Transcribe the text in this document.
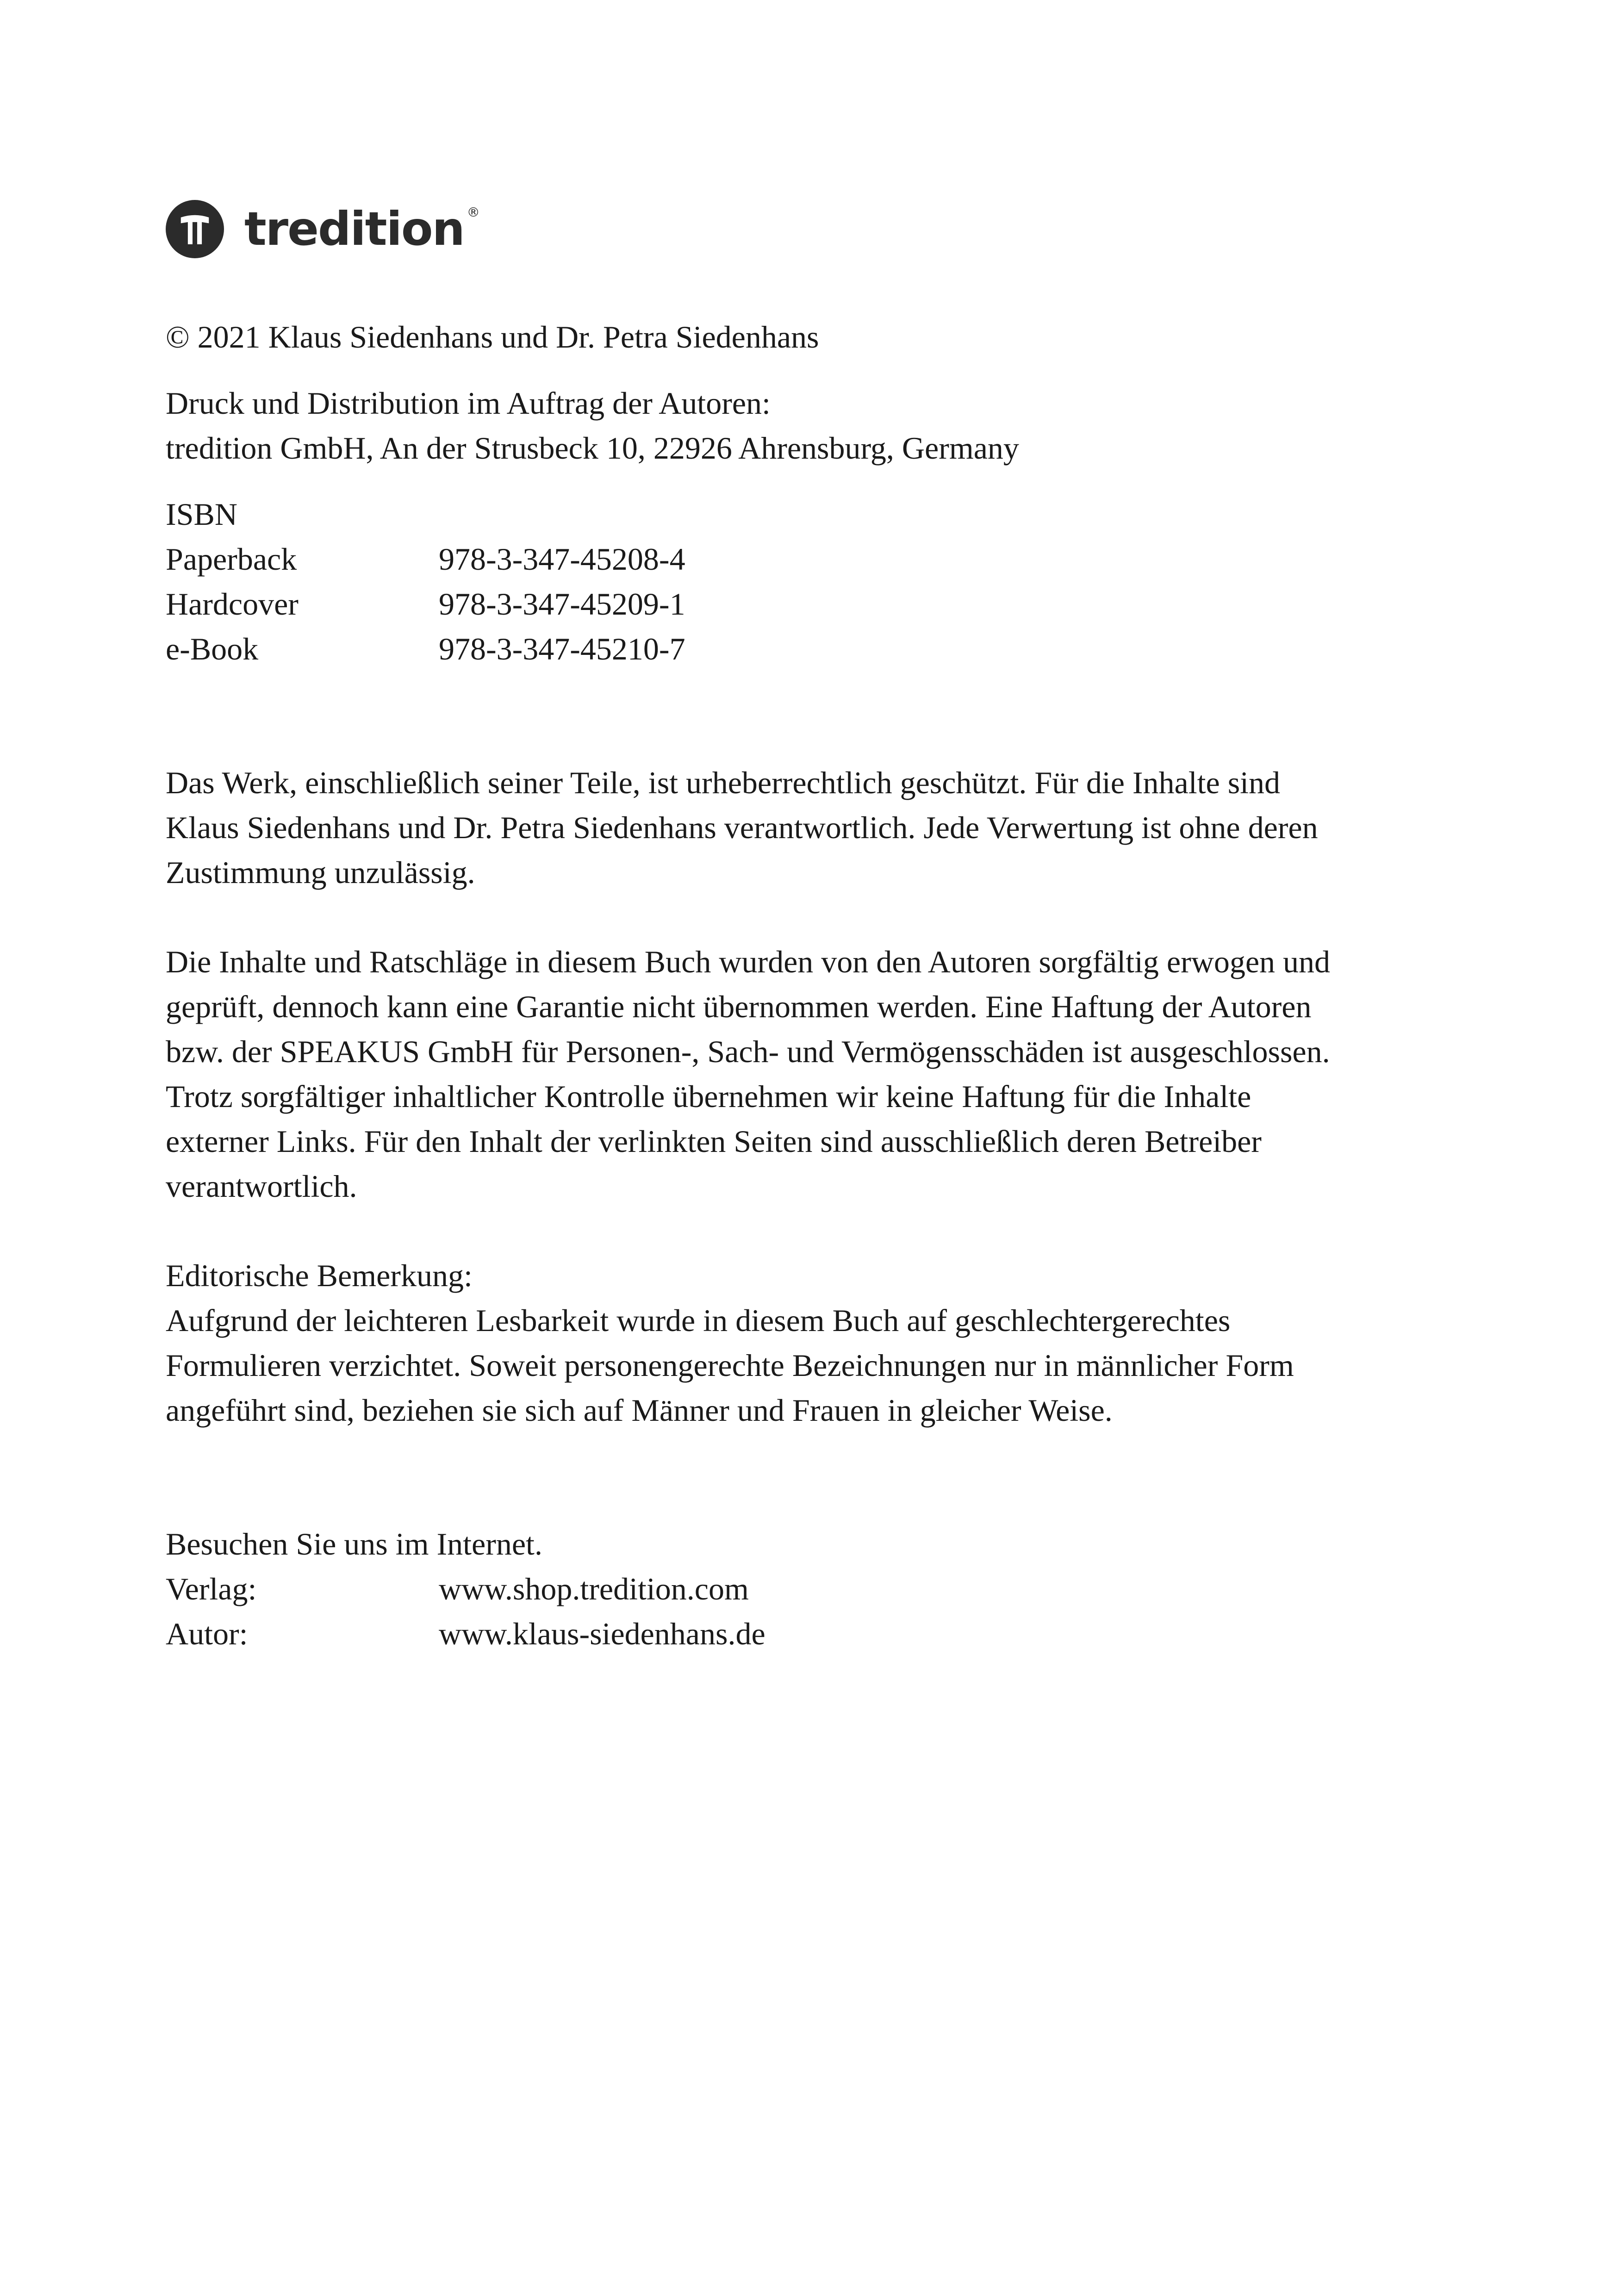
tredition ®

© 2021 Klaus Siedenhans und Dr. Petra Siedenhans

Druck und Distribution im Auftrag der Autoren:

tredition GmbH, An der Strusbeck 10, 22926 Ahrensburg, Germany

ISBN

Paperback	978-3-347-45208-4
Hardcover	978-3-347-45209-1
e-Book	978-3-347-45210-7

Das Werk, einschließlich seiner Teile, ist urheberrechtlich geschützt. Für die Inhalte sind

Klaus Siedenhans und Dr. Petra Siedenhans verantwortlich. Jede Verwertung ist ohne deren

Zustimmung unzulässig.

Die Inhalte und Ratschläge in diesem Buch wurden von den Autoren sorgfältig erwogen und

geprüft, dennoch kann eine Garantie nicht übernommen werden. Eine Haftung der Autoren

bzw. der SPEAKUS GmbH für Personen-, Sach- und Vermögensschäden ist ausgeschlossen.

Trotz sorgfältiger inhaltlicher Kontrolle übernehmen wir keine Haftung für die Inhalte

externer Links. Für den Inhalt der verlinkten Seiten sind ausschließlich deren Betreiber

verantwortlich.

Editorische Bemerkung:

Aufgrund der leichteren Lesbarkeit wurde in diesem Buch auf geschlechtergerechtes

Formulieren verzichtet. Soweit personengerechte Bezeichnungen nur in männlicher Form

angeführt sind, beziehen sie sich auf Männer und Frauen in gleicher Weise.

Besuchen Sie uns im Internet.

Verlag:	www.shop.tredition.com
Autor:	www.klaus-siedenhans.de
